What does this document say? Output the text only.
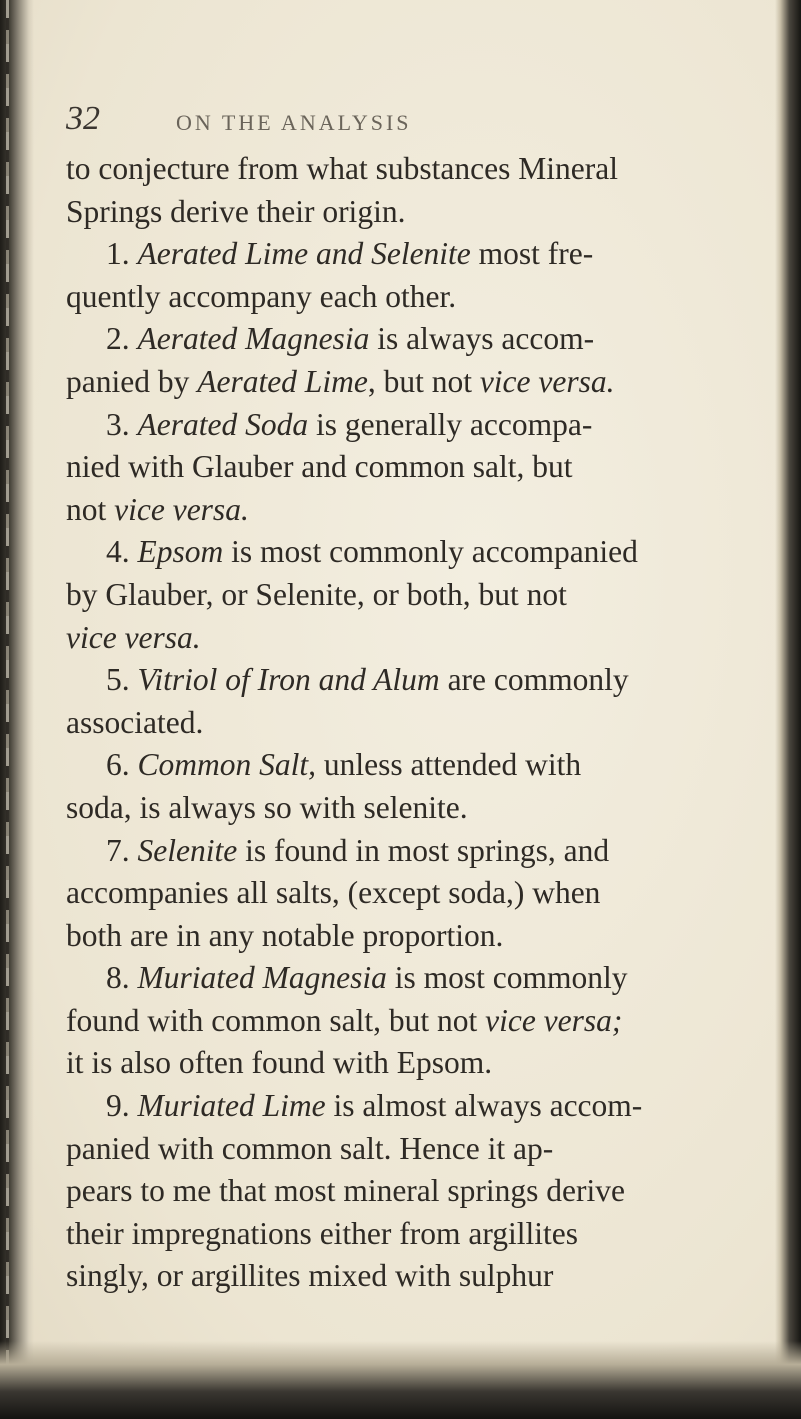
32	ON THE ANALYSIS
to conjecture from what substances Mineral
Springs derive their origin.
1. Aerated Lime and Selenite most fre-
quently accompany each other.
2. Aerated Magnesia is always accom-
panied by Aerated Lime, but not vice versa.
3. Aerated Soda is generally accompa-
nied with Glauber and common salt, but
not vice versa.
4. Epsom is most commonly accompanied
by Glauber, or Selenite, or both, but not
vice versa.
5. Vitriol of Iron and Alum are commonly
associated.
6. Common Salt, unless attended with
soda, is always so with selenite.
7. Selenite is found in most springs, and
accompanies all salts, (except soda,) when
both are in any notable proportion.
8. Muriated Magnesia is most commonly
found with common salt, but not vice versa;
it is also often found with Epsom.
9. Muriated Lime is almost always accom-
panied with common salt. Hence it ap-
pears to me that most mineral springs derive
their impregnations either from argillites
singly, or argillites mixed with sulphur
